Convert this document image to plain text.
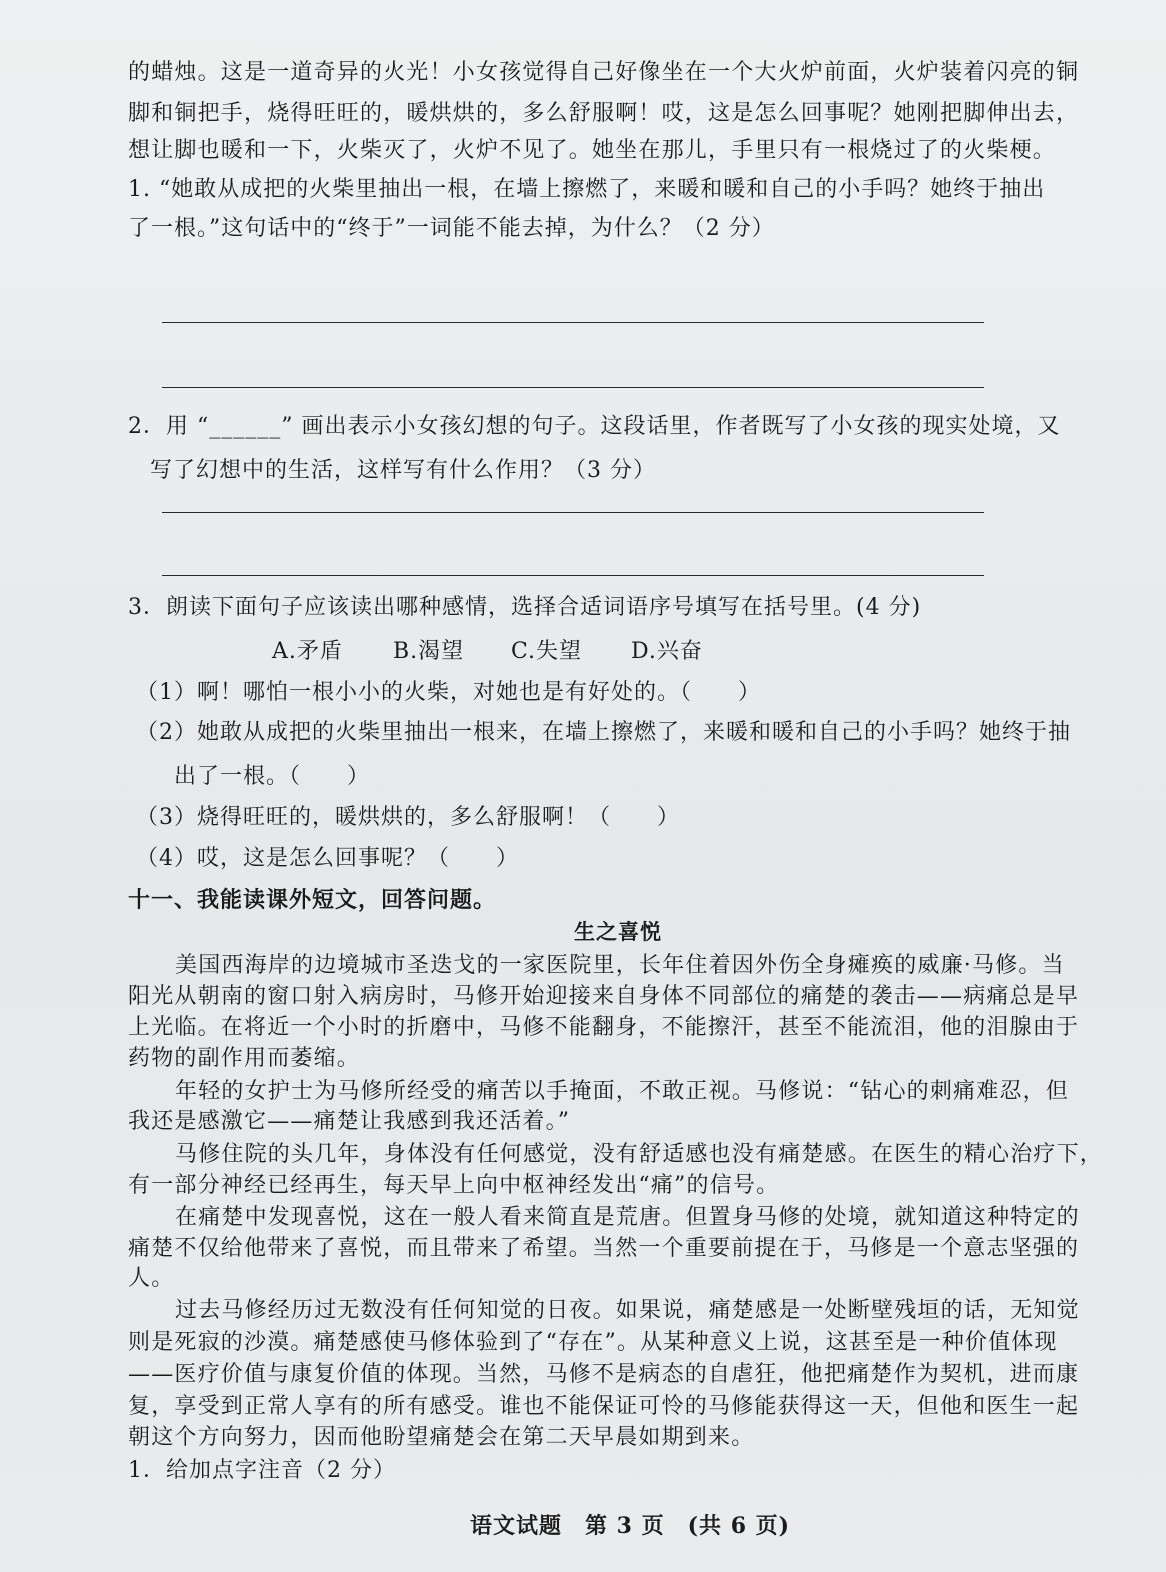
的蜡烛。这是一道奇异的火光！小女孩觉得自己好像坐在一个大火炉前面，火炉装着闪亮的铜
脚和铜把手，烧得旺旺的，暖烘烘的，多么舒服啊！哎，这是怎么回事呢？她刚把脚伸出去，
想让脚也暖和一下，火柴灭了，火炉不见了。她坐在那儿，手里只有一根烧过了的火柴梗。
1. “她敢从成把的火柴里抽出一根，在墙上擦燃了，来暖和暖和自己的小手吗？她终于抽出
了一根。”这句话中的“终于”一词能不能去掉，为什么？（2 分）
2．用 “______” 画出表示小女孩幻想的句子。这段话里，作者既写了小女孩的现实处境，又
写了幻想中的生活，这样写有什么作用？（3 分）
3．朗读下面句子应该读出哪种感情，选择合适词语序号填写在括号里。(4 分)
A.矛盾 B.渴望 C.失望 D.兴奋
（1）啊！哪怕一根小小的火柴，对她也是有好处的。（　　）
（2）她敢从成把的火柴里抽出一根来，在墙上擦燃了，来暖和暖和自己的小手吗？她终于抽
出了一根。（　　）
（3）烧得旺旺的，暖烘烘的，多么舒服啊！（　　）
（4）哎，这是怎么回事呢？（　　）
十一、我能读课外短文，回答问题。
生之喜悦
美国西海岸的边境城市圣迭戈的一家医院里，长年住着因外伤全身瘫痪的威廉·马修。当
阳光从朝南的窗口射入病房时，马修开始迎接来自身体不同部位的痛楚的袭击——病痛总是早
上光临。在将近一个小时的折磨中，马修不能翻身，不能擦汗，甚至不能流泪，他的泪腺由于
药物的副作用而萎缩。
年轻的女护士为马修所经受的痛苦以手掩面，不敢正视。马修说：“钻心的刺痛难忍，但
我还是感激它——痛楚让我感到我还活着。”
马修住院的头几年，身体没有任何感觉，没有舒适感也没有痛楚感。在医生的精心治疗下，
有一部分神经已经再生，每天早上向中枢神经发出“痛”的信号。
在痛楚中发现喜悦，这在一般人看来简直是荒唐。但置身马修的处境，就知道这种特定的
痛楚不仅给他带来了喜悦，而且带来了希望。当然一个重要前提在于，马修是一个意志坚强的
人。
过去马修经历过无数没有任何知觉的日夜。如果说，痛楚感是一处断壁残垣的话，无知觉
则是死寂的沙漠。痛楚感使马修体验到了“存在”。从某种意义上说，这甚至是一种价值体现
——医疗价值与康复价值的体现。当然，马修不是病态的自虐狂，他把痛楚作为契机，进而康
复，享受到正常人享有的所有感受。谁也不能保证可怜的马修能获得这一天，但他和医生一起
朝这个方向努力，因而他盼望痛楚会在第二天早晨如期到来。
1．给加点字注音（2 分）
语文试题　第 3 页　(共 6 页)
